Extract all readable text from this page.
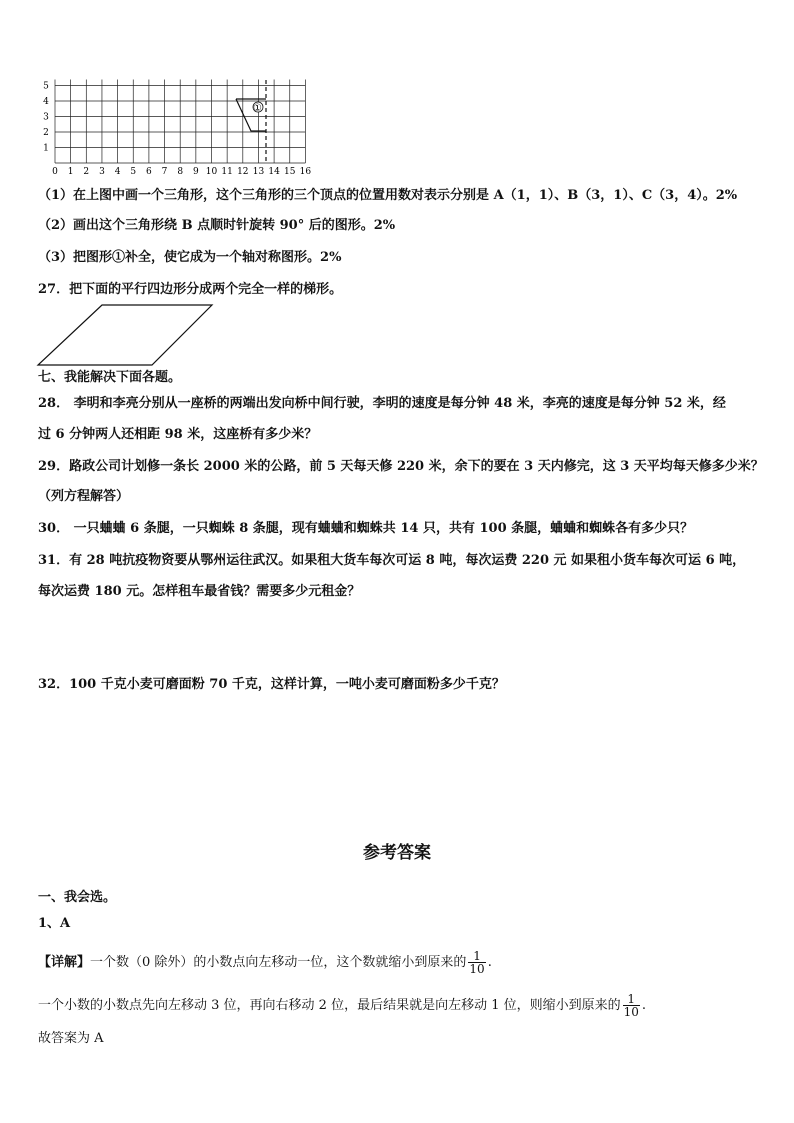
0 1 2 3 4 5 6 7 8 9 10 11 12 13 14 15 16
1
2
3
4
5
①
（1）在上图中画一个三角形，这个三角形的三个顶点的位置用数对表示分别是 A（1，1）、B（3，1）、C（3，4）。2%
（2）画出这个三角形绕 B 点顺时针旋转 90° 后的图形。2%
（3）把图形①补全，使它成为一个轴对称图形。2%
27．把下面的平行四边形分成两个完全一样的梯形。
七、我能解决下面各题。
28． 李明和李亮分别从一座桥的两端出发向桥中间行驶，李明的速度是每分钟 48 米，李亮的速度是每分钟 52 米，经
过 6 分钟两人还相距 98 米，这座桥有多少米？
29．路政公司计划修一条长 2000 米的公路，前 5 天每天修 220 米，余下的要在 3 天内修完，这 3 天平均每天修多少米？
（列方程解答）
30． 一只蛐蛐 6 条腿，一只蜘蛛 8 条腿，现有蛐蛐和蜘蛛共 14 只，共有 100 条腿，蛐蛐和蜘蛛各有多少只？
31．有 28 吨抗疫物资要从鄂州运往武汉。如果租大货车每次可运 8 吨，每次运费 220 元 如果租小货车每次可运 6 吨，
每次运费 180 元。怎样租车最省钱？需要多少元租金？
32．100 千克小麦可磨面粉 70 千克，这样计算，一吨小麦可磨面粉多少千克？
参考答案
一、我会选。
1、A
【详解】一个数（0 除外）的小数点向左移动一位，这个数就缩小到原来的 $\frac{1}{10}$ .
一个小数的小数点先向左移动 3 位，再向右移动 2 位，最后结果就是向左移动 1 位，则缩小到原来的 $\frac{1}{10}$ .
故答案为 A
